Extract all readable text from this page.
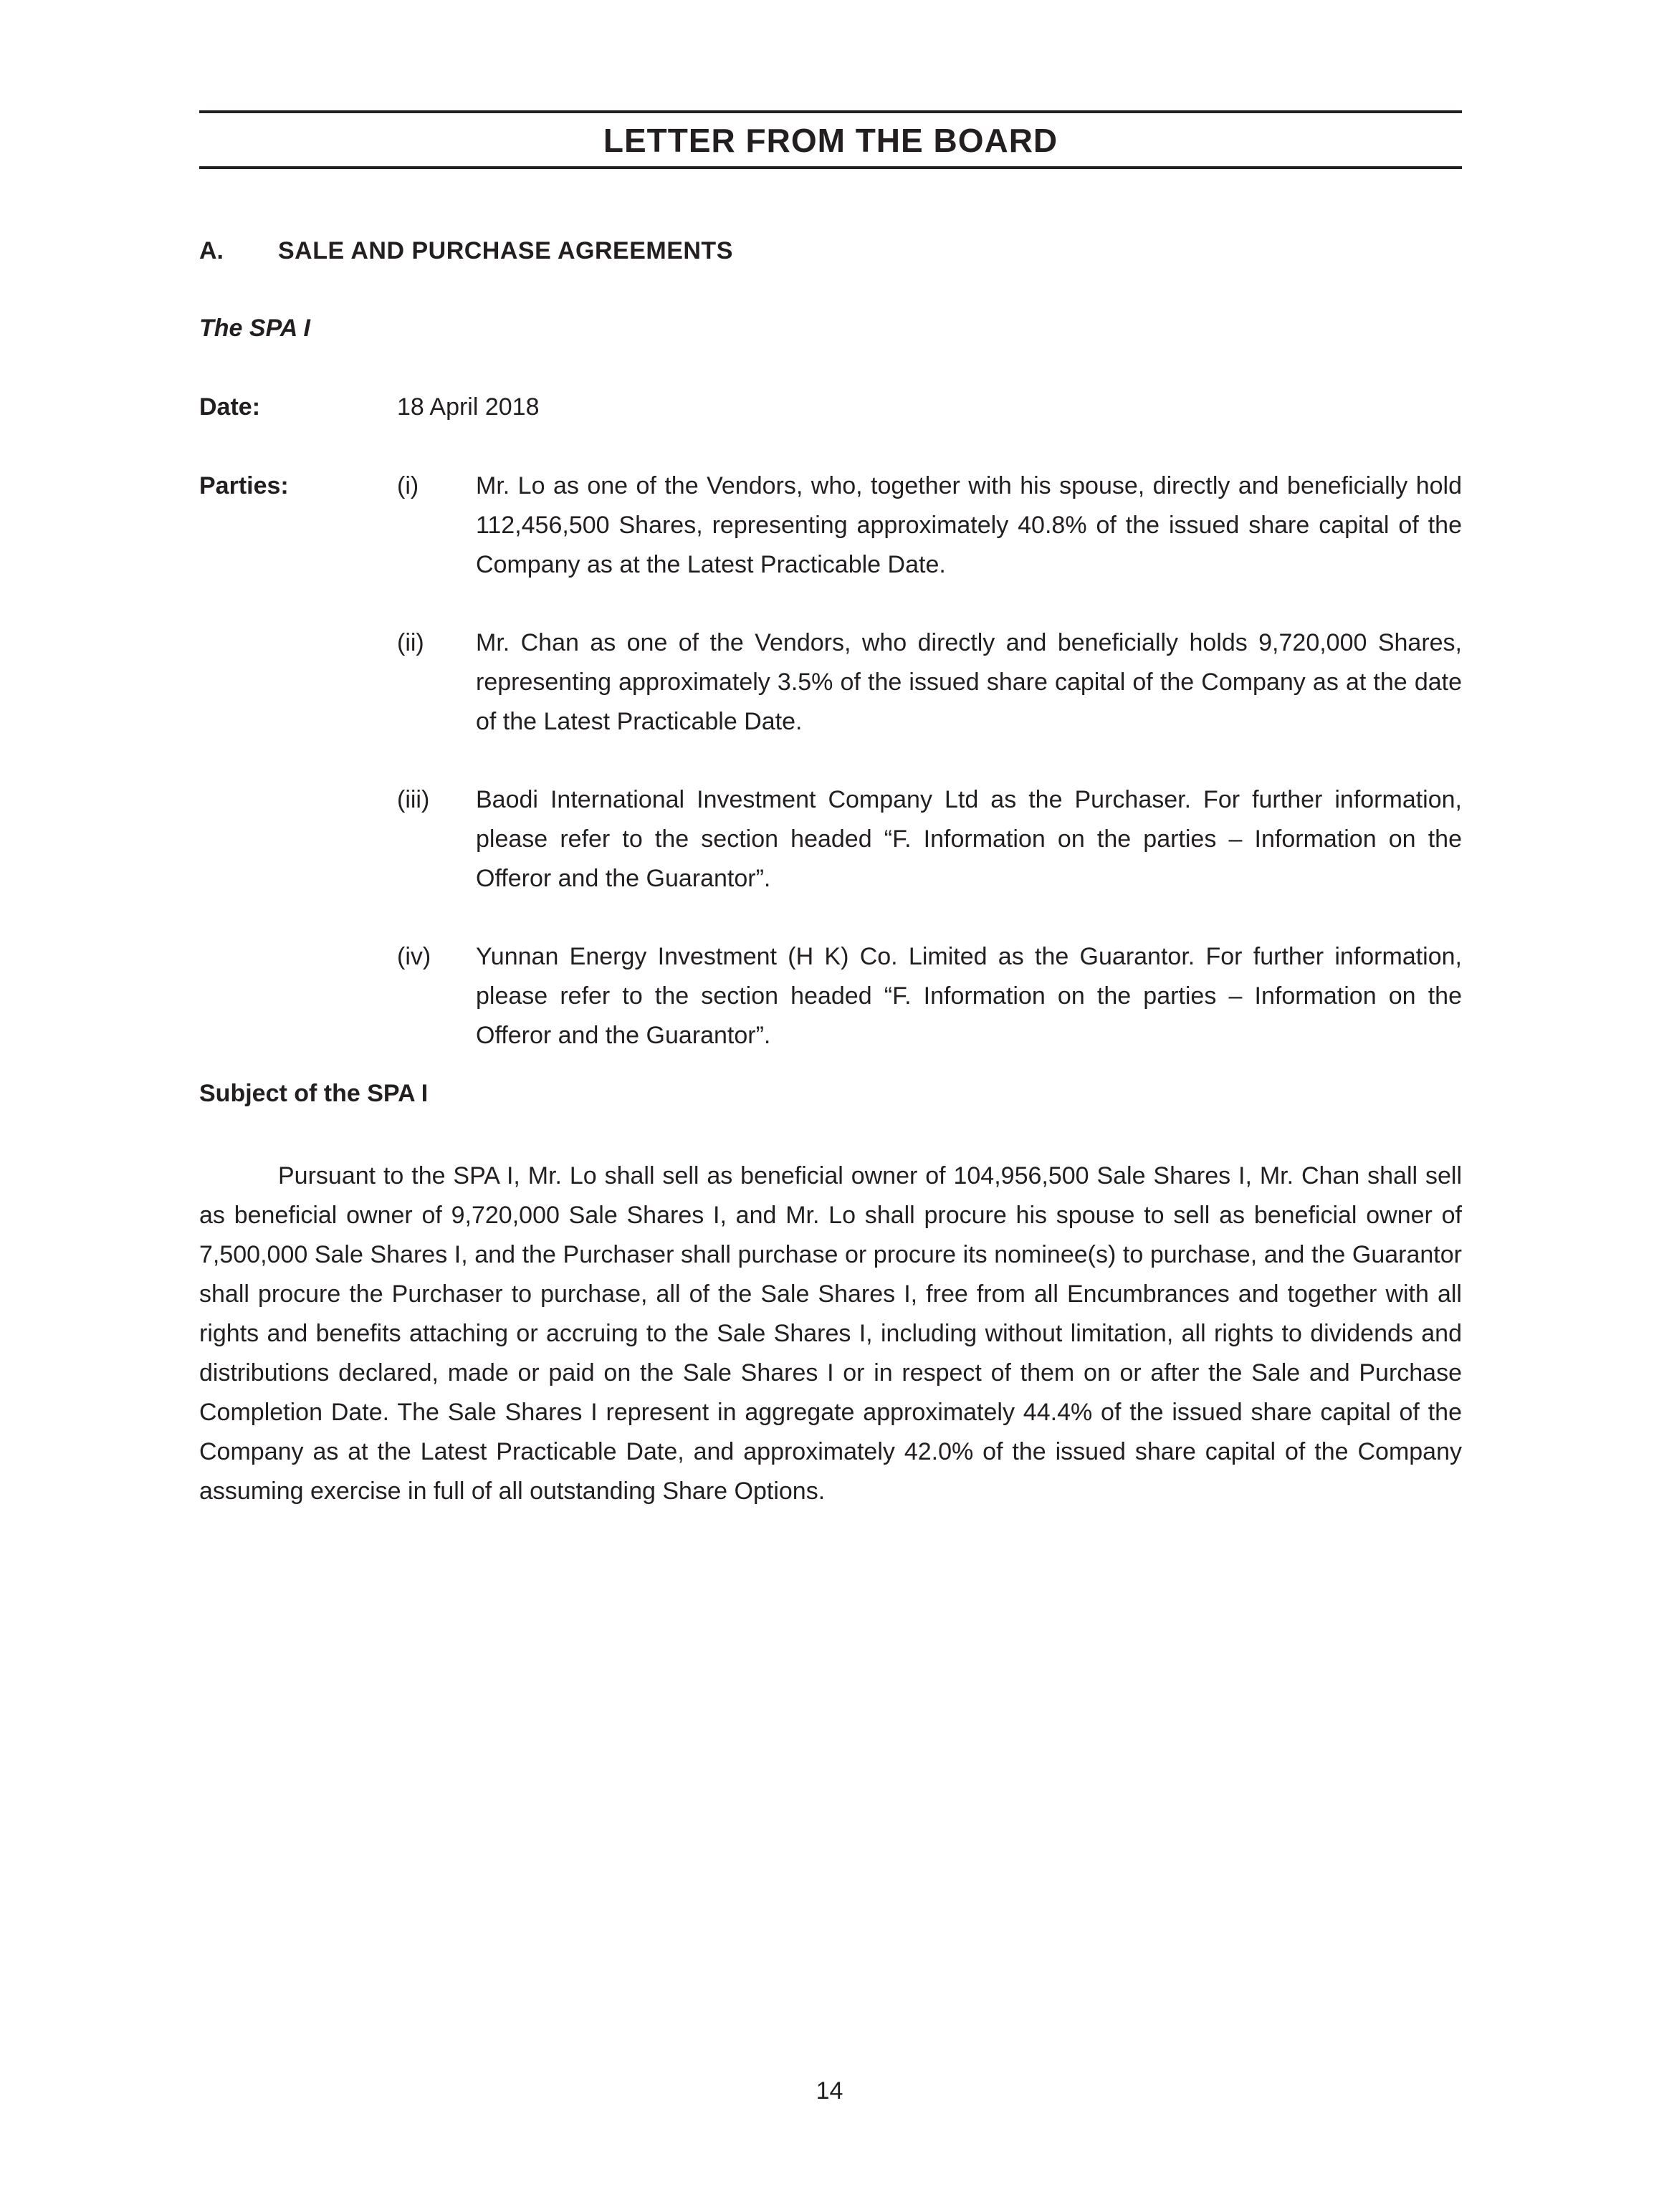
LETTER FROM THE BOARD
A. SALE AND PURCHASE AGREEMENTS
The SPA I
Date:	18 April 2018
Parties:	(i) Mr. Lo as one of the Vendors, who, together with his spouse, directly and beneficially hold 112,456,500 Shares, representing approximately 40.8% of the issued share capital of the Company as at the Latest Practicable Date.
(ii) Mr. Chan as one of the Vendors, who directly and beneficially holds 9,720,000 Shares, representing approximately 3.5% of the issued share capital of the Company as at the date of the Latest Practicable Date.
(iii) Baodi International Investment Company Ltd as the Purchaser. For further information, please refer to the section headed “F. Information on the parties – Information on the Offeror and the Guarantor”.
(iv) Yunnan Energy Investment (H K) Co. Limited as the Guarantor. For further information, please refer to the section headed “F. Information on the parties – Information on the Offeror and the Guarantor”.
Subject of the SPA I

Pursuant to the SPA I, Mr. Lo shall sell as beneficial owner of 104,956,500 Sale Shares I, Mr. Chan shall sell as beneficial owner of 9,720,000 Sale Shares I, and Mr. Lo shall procure his spouse to sell as beneficial owner of 7,500,000 Sale Shares I, and the Purchaser shall purchase or procure its nominee(s) to purchase, and the Guarantor shall procure the Purchaser to purchase, all of the Sale Shares I, free from all Encumbrances and together with all rights and benefits attaching or accruing to the Sale Shares I, including without limitation, all rights to dividends and distributions declared, made or paid on the Sale Shares I or in respect of them on or after the Sale and Purchase Completion Date. The Sale Shares I represent in aggregate approximately 44.4% of the issued share capital of the Company as at the Latest Practicable Date, and approximately 42.0% of the issued share capital of the Company assuming exercise in full of all outstanding Share Options.

14
